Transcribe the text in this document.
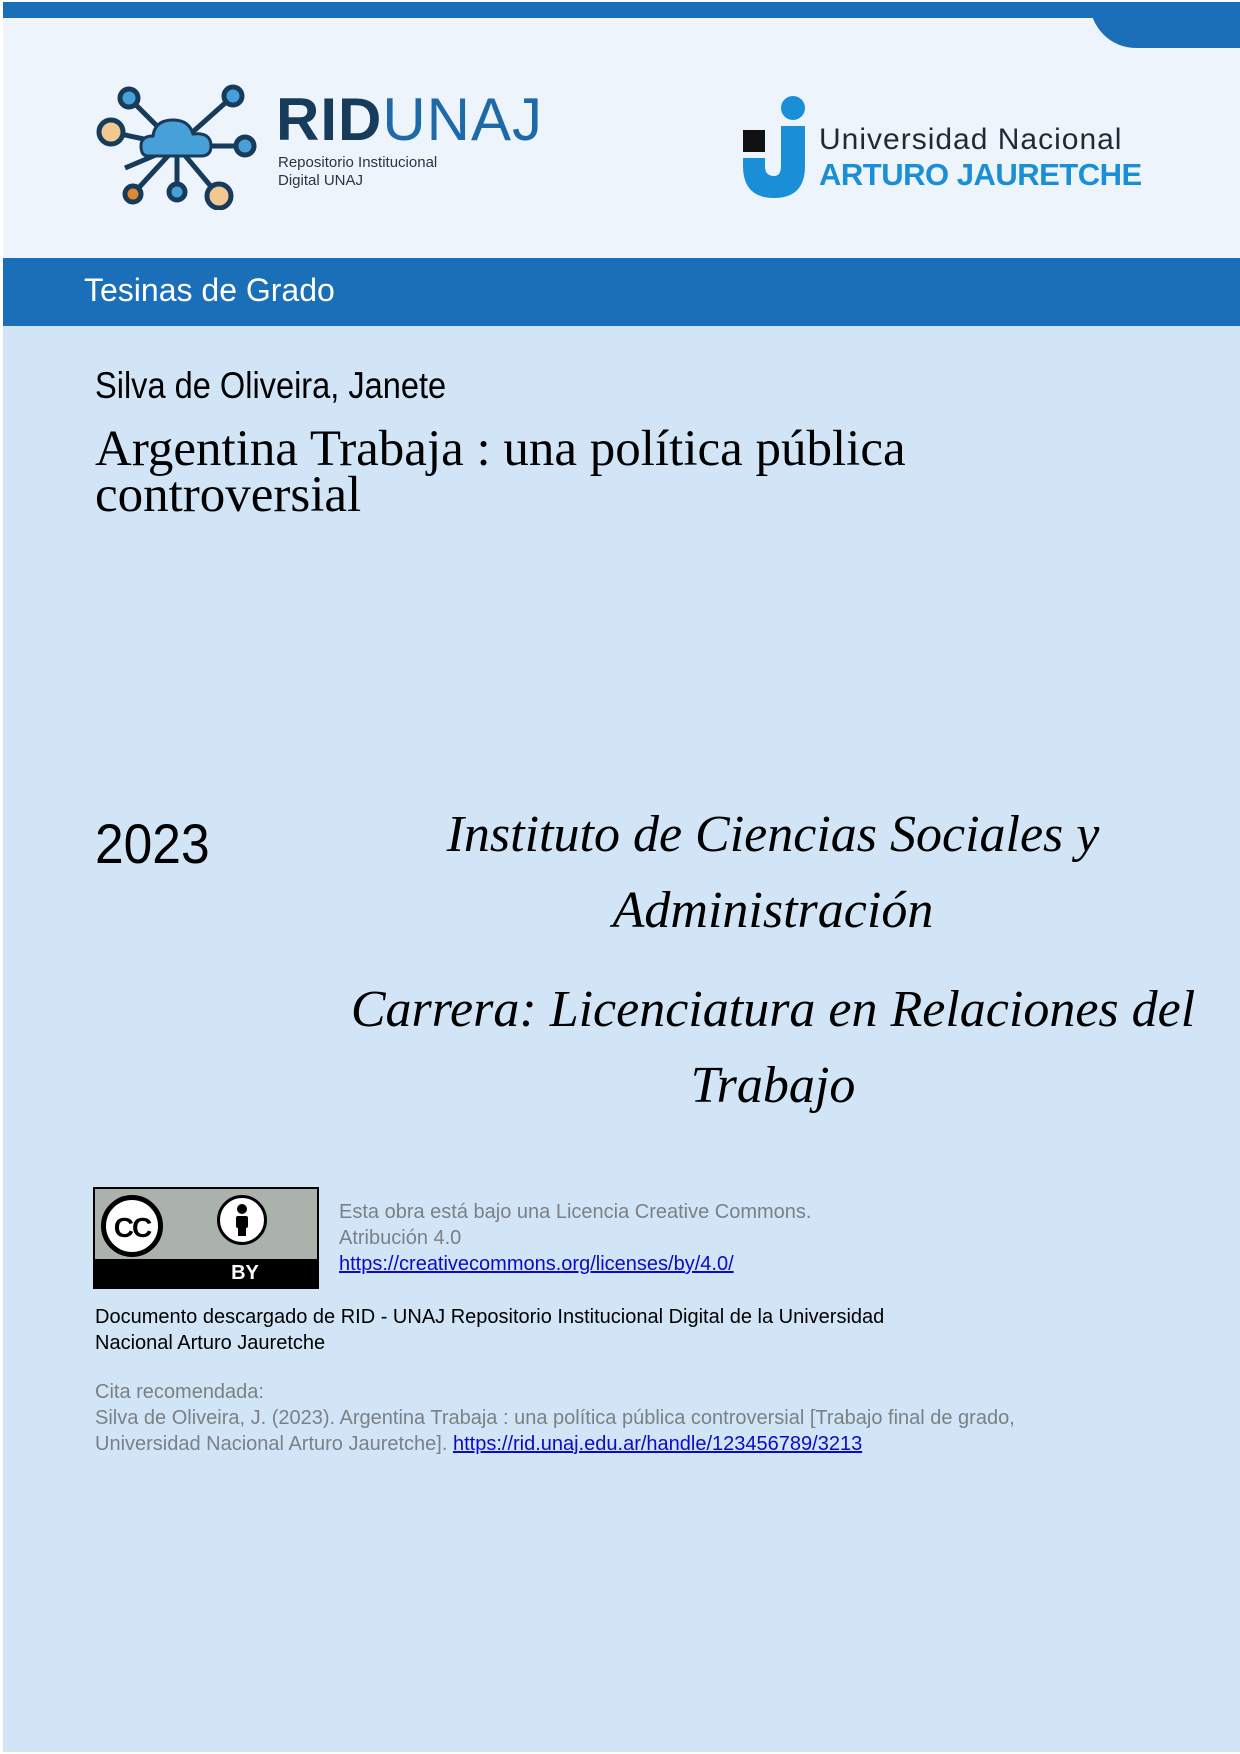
RIDUNAJ
Repositorio Institucional
Digital UNAJ
Universidad Nacional
ARTURO JAURETCHE
Tesinas de Grado
Silva de Oliveira, Janete
Argentina Trabaja : una política pública
controversial
2023	Instituto de Ciencias Sociales y
Administración
Carrera: Licenciatura en Relaciones del
Trabajo
CC
BY
Esta obra está bajo una Licencia Creative Commons.
Atribución 4.0
https://creativecommons.org/licenses/by/4.0/
Documento descargado de RID - UNAJ Repositorio Institucional Digital de la Universidad
Nacional Arturo Jauretche
Cita recomendada:
Silva de Oliveira, J. (2023). Argentina Trabaja : una política pública controversial [Trabajo final de grado,
Universidad Nacional Arturo Jauretche]. https://rid.unaj.edu.ar/handle/123456789/3213
